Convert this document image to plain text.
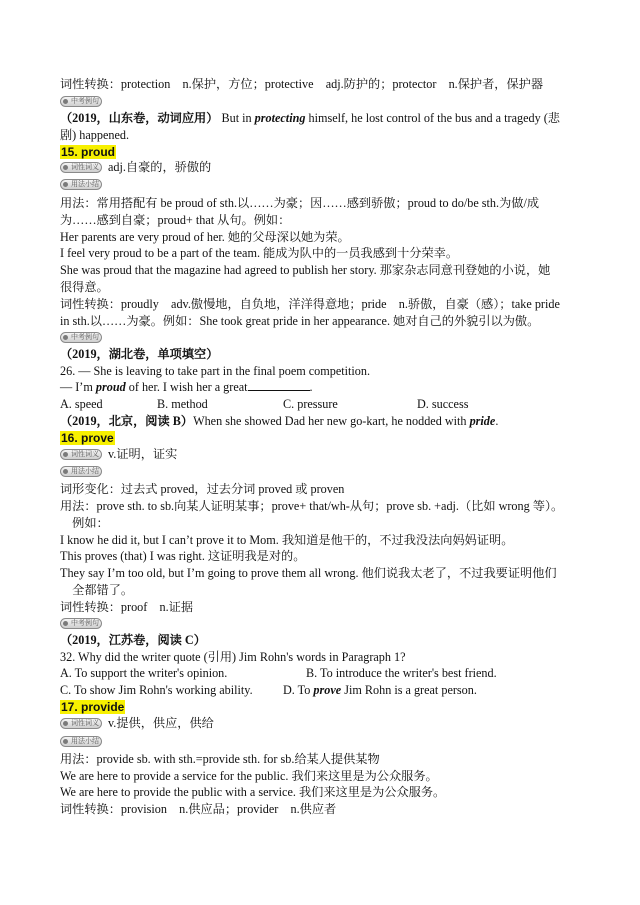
词性转换：protection　n.保护，方位；protective　adj.防护的；protector　n.保护者，保护器
中考例句
（2019，山东卷，动词应用） But in protecting himself, he lost control of the bus and a tragedy (悲
剧) happened.
15. proud
词性词义 adj.自豪的，骄傲的
用法小结
用法：常用搭配有 be proud of sth.以……为豪；因……感到骄傲；proud to do/be sth.为做/成
为……感到自豪；proud+ that 从句。例如：
Her parents are very proud of her. 她的父母深以她为荣。
I feel very proud to be a part of the team. 能成为队中的一员我感到十分荣幸。
She was proud that the magazine had agreed to publish her story. 那家杂志同意刊登她的小说，她
很得意。
词性转换：proudly　adv.傲慢地，自负地，洋洋得意地；pride　n.骄傲，自豪（感）；take pride
in sth.以……为豪。例如：She took great pride in her appearance. 她对自己的外貌引以为傲。
中考例句
（2019，湖北卷，单项填空）
26. — She is leaving to take part in the final poem competition.
— I’m proud of her. I wish her a great	.
A. speed	B. method	C. pressure	D. success
（2019，北京，阅读 B）When she showed Dad her new go-kart, he nodded with pride.
16. prove
词性词义 v.证明，证实
用法小结
词形变化：过去式 proved，过去分词 proved 或 proven
用法：prove sth. to sb.向某人证明某事；prove+ that/wh-从句；prove sb. +adj.（比如 wrong 等）。
　例如：
I know he did it, but I can’t prove it to Mom. 我知道是他干的，不过我没法向妈妈证明。
This proves (that) I was right. 这证明我是对的。
They say I’m too old, but I’m going to prove them all wrong. 他们说我太老了，不过我要证明他们
　全都错了。
词性转换：proof　n.证据
中考例句
（2019，江苏卷，阅读 C）
32. Why did the writer quote (引用) Jim Rohn's words in Paragraph 1?
A. To support the writer's opinion.	B. To introduce the writer's best friend.
C. To show Jim Rohn's working ability. D. To prove Jim Rohn is a great person.
17. provide
词性词义 v.提供，供应，供给
用法小结
用法：provide sb. with sth.=provide sth. for sb.给某人提供某物
We are here to provide a service for the public. 我们来这里是为公众服务。
We are here to provide the public with a service. 我们来这里是为公众服务。
词性转换：provision　n.供应品；provider　n.供应者
